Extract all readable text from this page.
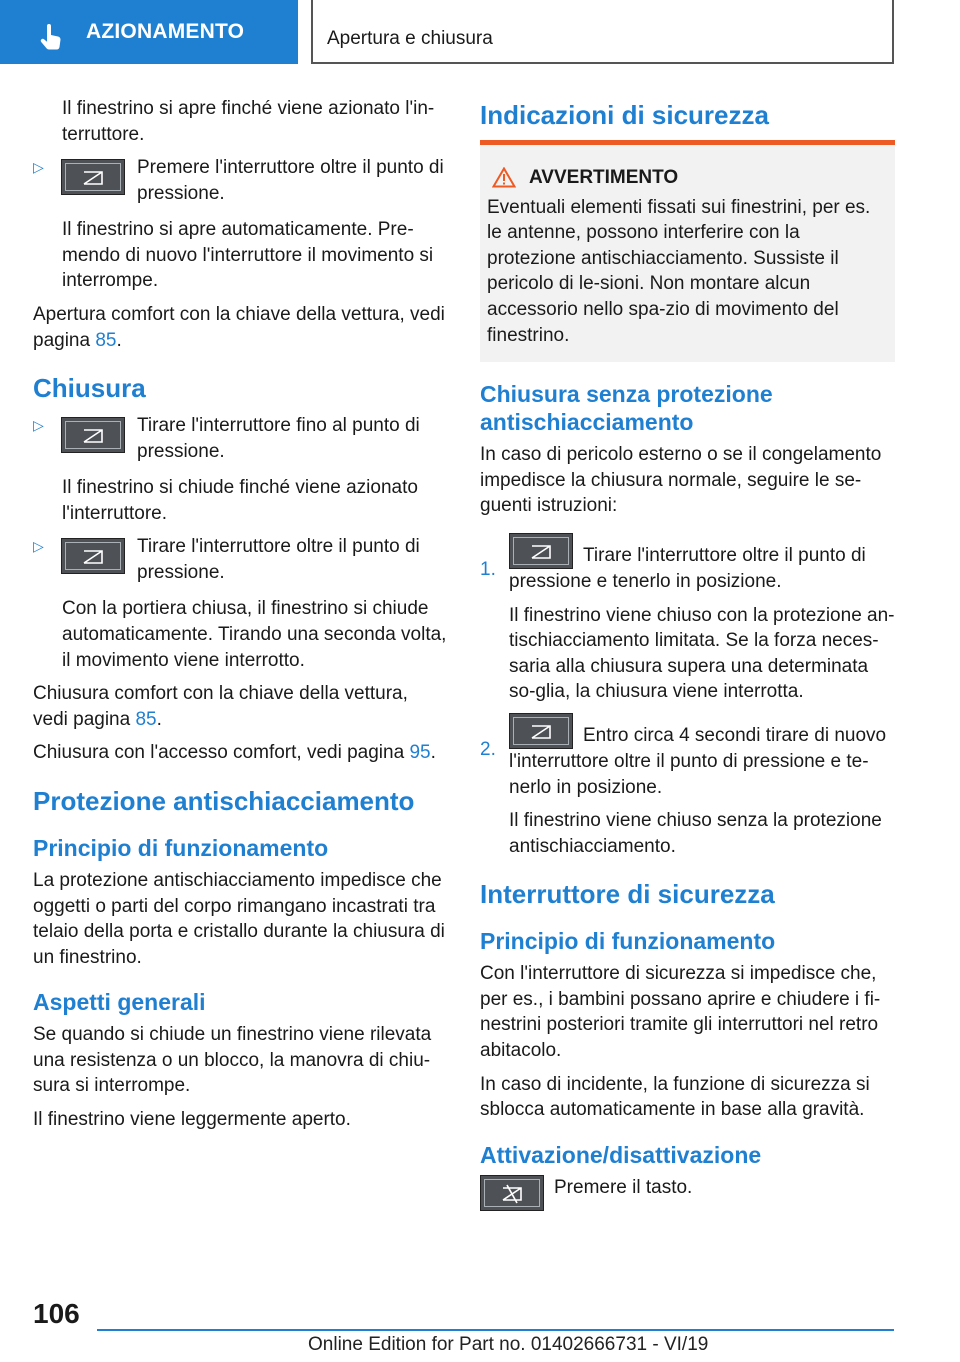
AZIONAMENTO	Apertura e chiusura

Il finestrino si apre finché viene azionato l'in-terruttore.

▷	Premere l'interruttore oltre il punto di pressione.

Il finestrino si apre automaticamente. Pre-mendo di nuovo l'interruttore il movimento si interrompe.

Apertura comfort con la chiave della vettura, vedi pagina 85.

Chiusura
▷	Tirare l'interruttore fino al punto di pressione.

Il finestrino si chiude finché viene azionato l'interruttore.

▷	Tirare l'interruttore oltre il punto di pressione.

Con la portiera chiusa, il finestrino si chiude automaticamente. Tirando una seconda volta, il movimento viene interrotto.

Chiusura comfort con la chiave della vettura, vedi pagina 85.

Chiusura con l'accesso comfort, vedi pagina 95.

Protezione antischiacciamento
Principio di funzionamento

La protezione antischiacciamento impedisce che oggetti o parti del corpo rimangano incastrati tra telaio della porta e cristallo durante la chiusura di un finestrino.

Aspetti generali

Se quando si chiude un finestrino viene rilevata una resistenza o un blocco, la manovra di chiu-sura si interrompe.

Il finestrino viene leggermente aperto.

Indicazioni di sicurezza
AVVERTIMENTO
Eventuali elementi fissati sui finestrini, per es. le antenne, possono interferire con la protezione antischiacciamento. Sussiste il pericolo di le-sioni. Non montare alcun accessorio nello spa-zio di movimento del finestrino.
Chiusura senza protezione antischiacciamento

In caso di pericolo esterno o se il congelamento impedisce la chiusura normale, seguire le se-guenti istruzioni:

1.
Tirare l'interruttore oltre il punto di
pressione e tenerlo in posizione.

Il finestrino viene chiuso con la protezione an-tischiacciamento limitata. Se la forza neces-saria alla chiusura supera una determinata so-glia, la chiusura viene interrotta.

2.
Entro circa 4 secondi tirare di nuovo
l'interruttore oltre il punto di pressione e te-nerlo in posizione.

Il finestrino viene chiuso senza la protezione antischiacciamento.

Interruttore di sicurezza
Principio di funzionamento

Con l'interruttore di sicurezza si impedisce che, per es., i bambini possano aprire e chiudere i fi-nestrini posteriori tramite gli interruttori nel retro abitacolo.

In caso di incidente, la funzione di sicurezza si sblocca automaticamente in base alla gravità.

Attivazione/disattivazione
Premere il tasto.
106
Online Edition for Part no. 01402666731 - VI/19
